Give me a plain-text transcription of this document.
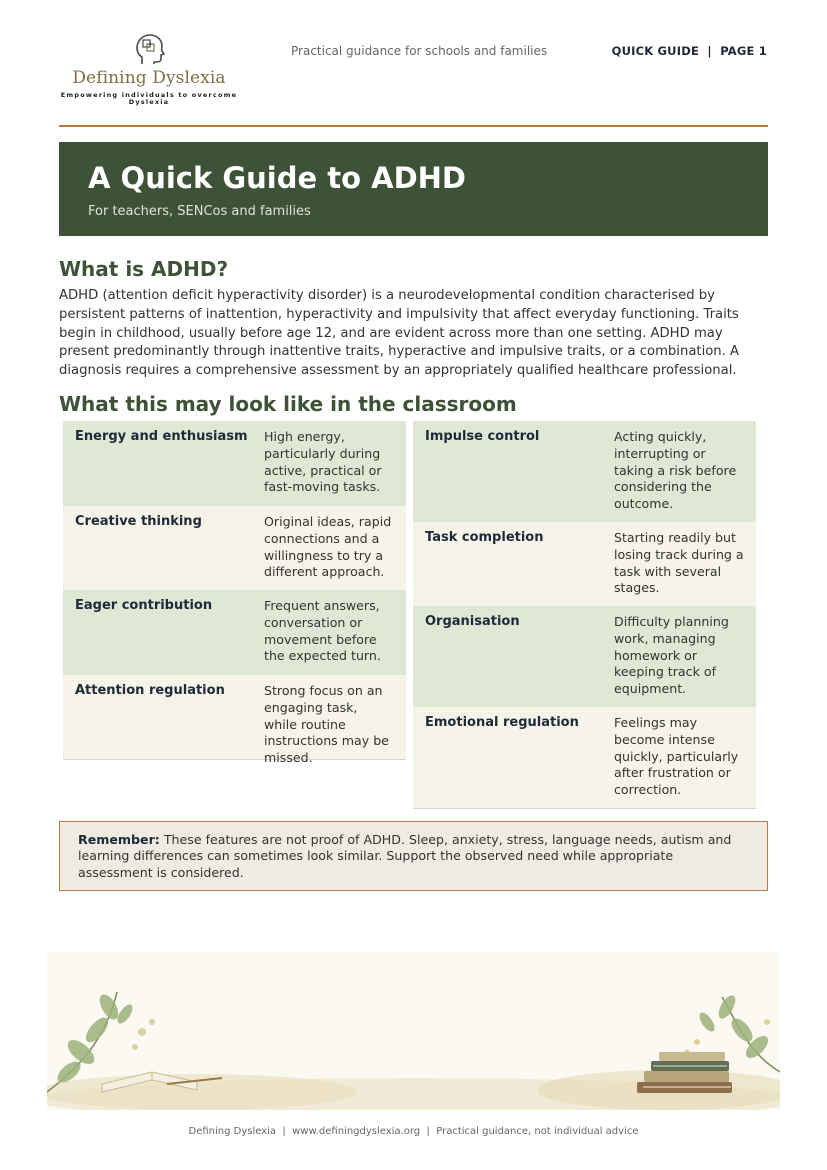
Defining Dyslexia
Empowering individuals to overcome Dyslexia
Practical guidance for schools and families	QUICK GUIDE  |  PAGE 1
A Quick Guide to ADHD

For teachers, SENCos and families

What is ADHD?

ADHD (attention deficit hyperactivity disorder) is a neurodevelopmental condition characterised by persistent patterns of inattention, hyperactivity and impulsivity that affect everyday functioning. Traits begin in childhood, usually before age 12, and are evident across more than one setting. ADHD may present predominantly through inattentive traits, hyperactive and impulsive traits, or a combination. A diagnosis requires a comprehensive assessment by an appropriately qualified healthcare professional.

What this may look like in the classroom
Energy and enthusiasm	High energy, particularly during active, practical or fast-moving tasks.
Creative thinking	Original ideas, rapid connections and a willingness to try a different approach.
Eager contribution	Frequent answers, conversation or movement before the expected turn.
Attention regulation	Strong focus on an engaging task, while routine instructions may be missed.
Impulse control	Acting quickly, interrupting or taking a risk before considering the outcome.
Task completion	Starting readily but losing track during a task with several stages.
Organisation	Difficulty planning work, managing homework or keeping track of equipment.
Emotional regulation	Feelings may become intense quickly, particularly after frustration or correction.
Remember: These features are not proof of ADHD. Sleep, anxiety, stress, language needs, autism and learning differences can sometimes look similar. Support the observed need while appropriate assessment is considered.
Defining Dyslexia  |  www.definingdyslexia.org  |  Practical guidance, not individual advice
